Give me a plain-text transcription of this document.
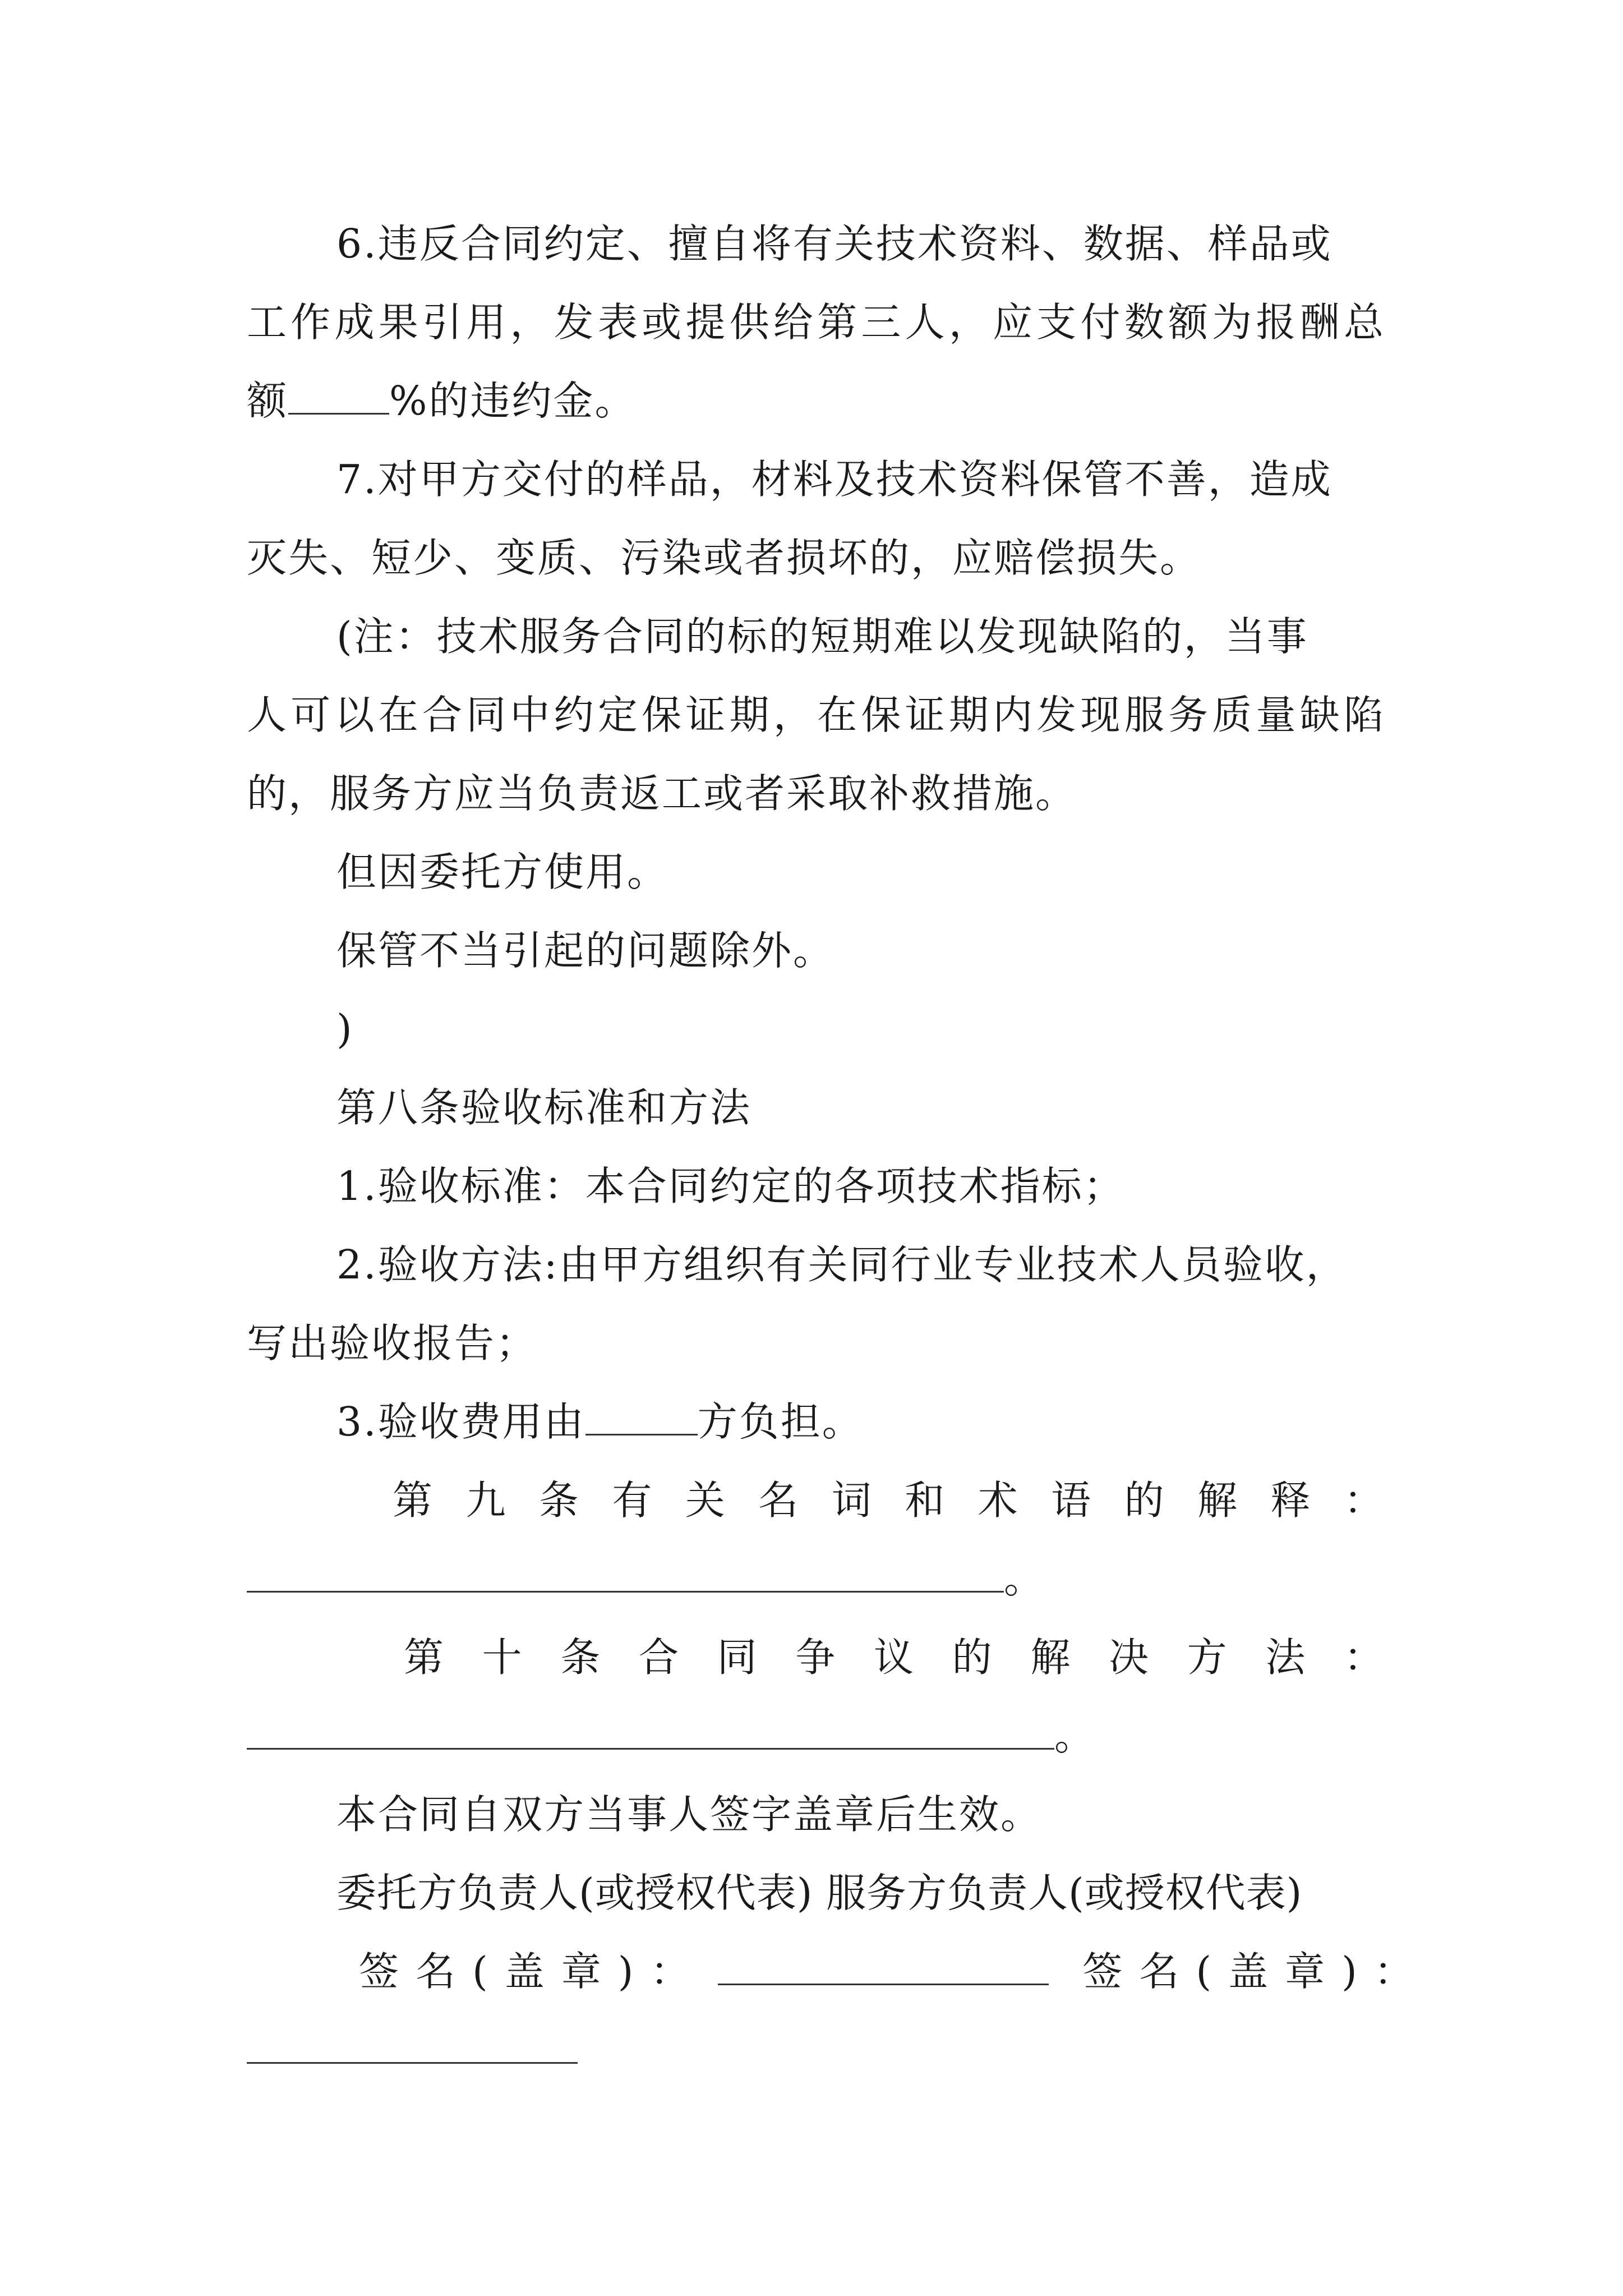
6.违反合同约定、擅自将有关技术资料、数据、样品或
工作成果引用，发表或提供给第三人，应支付数额为报酬总
额	%的违约金。
7.对甲方交付的样品，材料及技术资料保管不善，造成
灭失、短少、变质、污染或者损坏的，应赔偿损失。
(注：技术服务合同的标的短期难以发现缺陷的，当事
人可以在合同中约定保证期，在保证期内发现服务质量缺陷
的，服务方应当负责返工或者采取补救措施。
但因委托方使用。
保管不当引起的问题除外。
)
第八条验收标准和方法
1.验收标准：本合同约定的各项技术指标；
2.验收方法:由甲方组织有关同行业专业技术人员验收，
写出验收报告；
3.验收费用由	方负担。
第九条有关名词和术语的解释：
。
第十条合同争议的解决方法：
。
本合同自双方当事人签字盖章后生效。
委托方负责人(或授权代表) 服务方负责人(或授权代表)
签名(盖章)：	签名(盖章)：
